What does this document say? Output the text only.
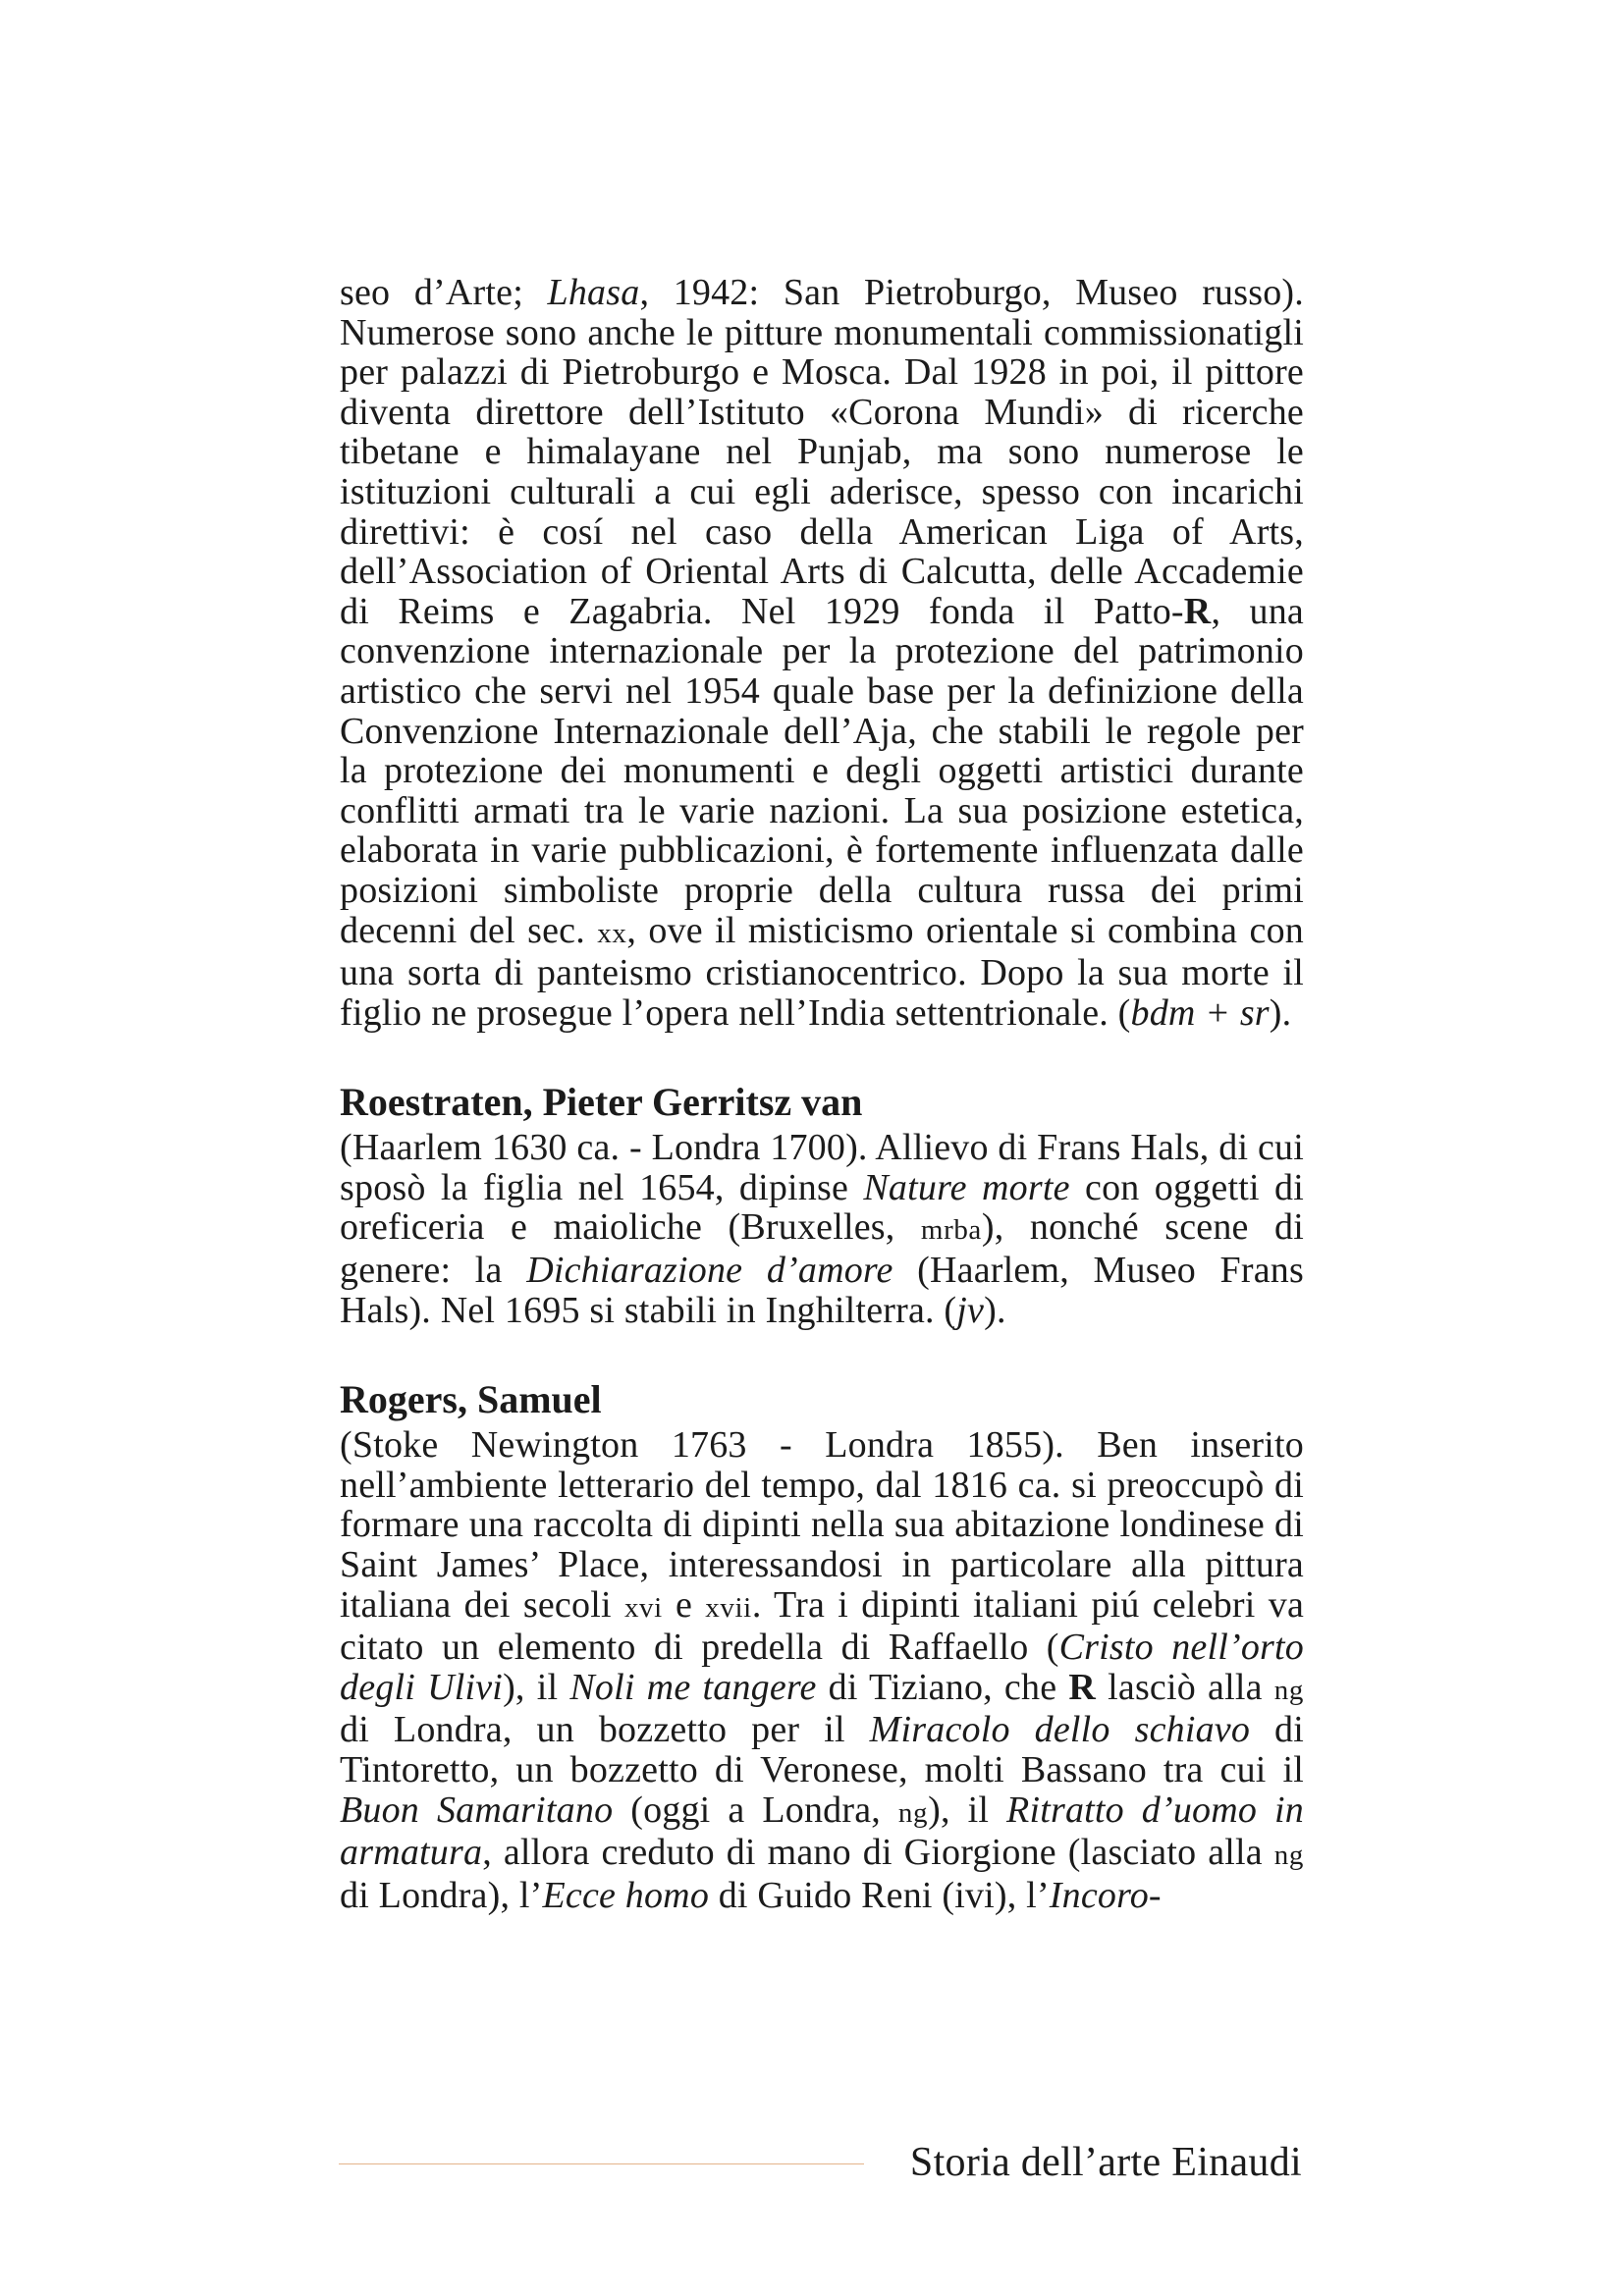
seo d’Arte; Lhasa, 1942: San Pietroburgo, Museo russo). Numerose sono anche le pitture monumentali commissionatigli per palazzi di Pietroburgo e Mosca. Dal 1928 in poi, il pittore diventa direttore dell’Istituto «Corona Mundi» di ricerche tibetane e himalayane nel Punjab, ma sono numerose le istituzioni culturali a cui egli aderisce, spesso con incarichi direttivi: è cosí nel caso della American Liga of Arts, dell’Association of Oriental Arts di Calcutta, delle Accademie di Reims e Zagabria. Nel 1929 fonda il Patto-R, una convenzione internazionale per la protezione del patrimonio artistico che servi nel 1954 quale base per la definizione della Convenzione Internazionale dell’Aja, che stabili le regole per la protezione dei monumenti e degli oggetti artistici durante conflitti armati tra le varie nazioni. La sua posizione estetica, elaborata in varie pubblicazioni, è fortemente influenzata dalle posizioni simboliste proprie della cultura russa dei primi decenni del sec. xx, ove il misticismo orientale si combina con una sorta di panteismo cristianocentrico. Dopo la sua morte il figlio ne prosegue l’opera nell’India settentrionale. (bdm + sr).

Roestraten, Pieter Gerritsz van

(Haarlem 1630 ca. - Londra 1700). Allievo di Frans Hals, di cui sposò la figlia nel 1654, dipinse Nature morte con oggetti di oreficeria e maioliche (Bruxelles, mrba), nonché scene di genere: la Dichiarazione d’amore (Haarlem, Museo Frans Hals). Nel 1695 si stabili in Inghilterra. (jv).

Rogers, Samuel

(Stoke Newington 1763 - Londra 1855). Ben inserito nell’ambiente letterario del tempo, dal 1816 ca. si preoccupò di formare una raccolta di dipinti nella sua abitazione londinese di Saint James’ Place, interessandosi in particolare alla pittura italiana dei secoli xvi e xvii. Tra i dipinti italiani piú celebri va citato un elemento di predella di Raffaello (Cristo nell’orto degli Ulivi), il Noli me tangere di Tiziano, che R lasciò alla ng di Londra, un bozzetto per il Miracolo dello schiavo di Tintoretto, un bozzetto di Veronese, molti Bassano tra cui il Buon Samaritano (oggi a Londra, ng), il Ritratto d’uomo in armatura, allora creduto di mano di Giorgione (lasciato alla ng di Londra), l’Ecce homo di Guido Reni (ivi), l’Incoro-

Storia dell’arte Einaudi
